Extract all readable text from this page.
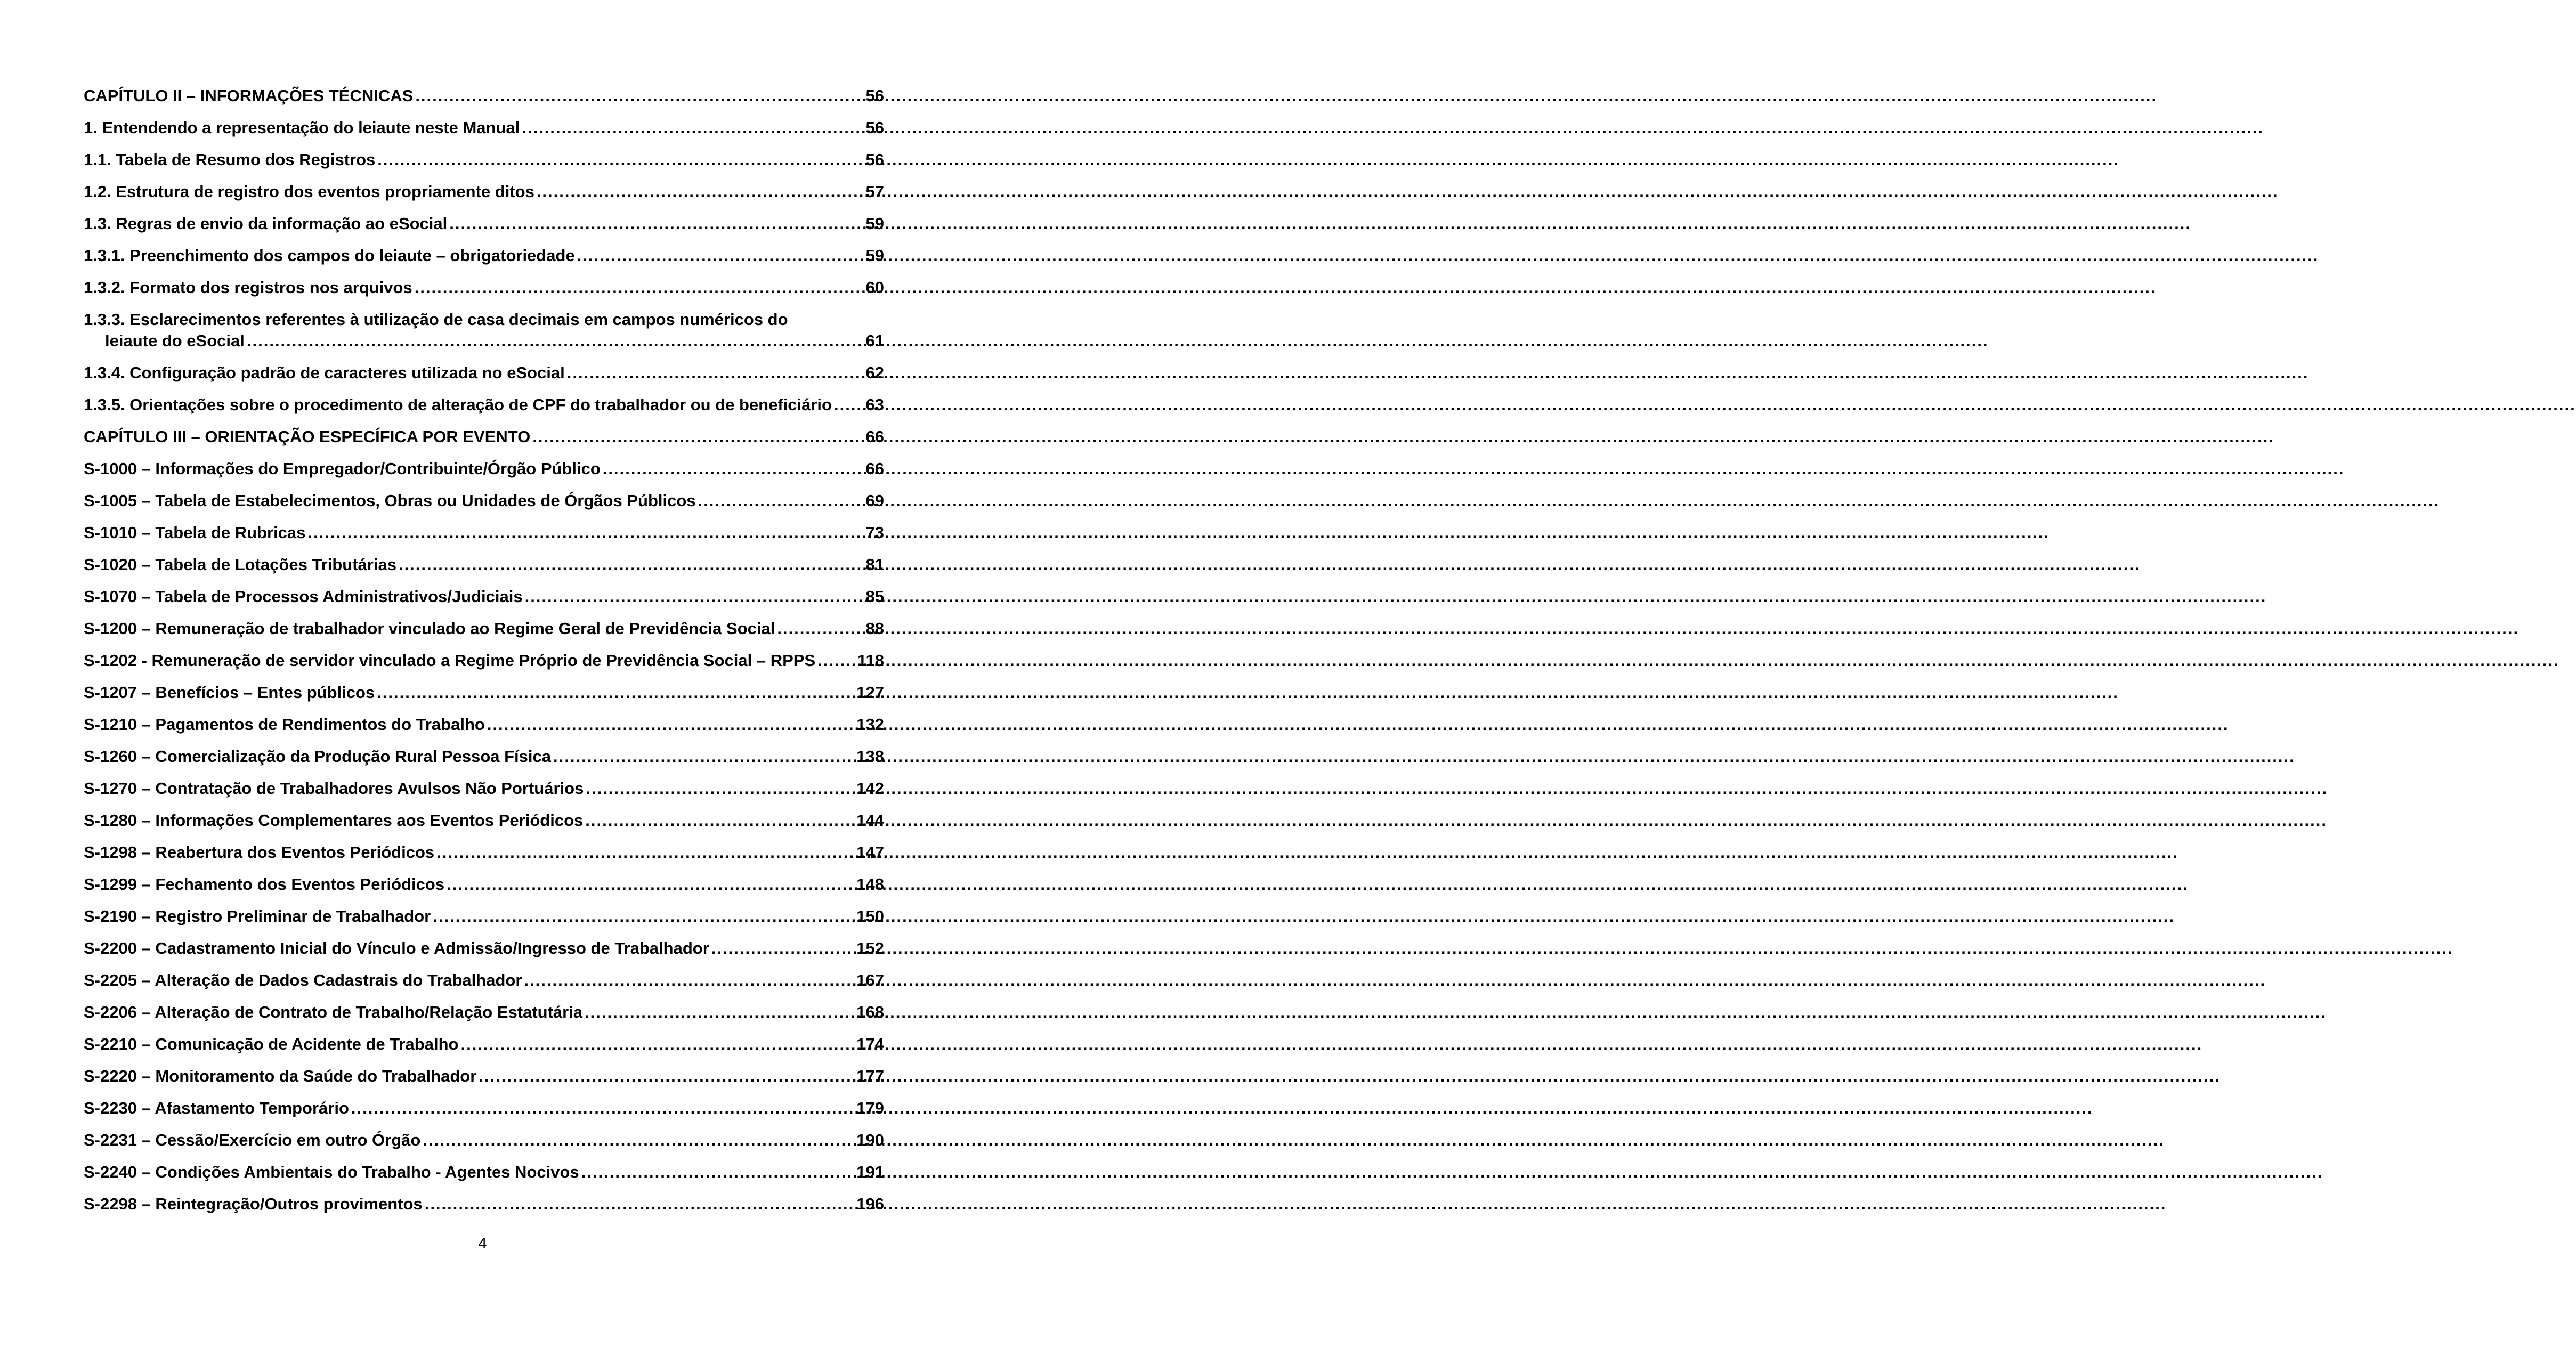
CAPÍTULO II – INFORMAÇÕES TÉCNICAS .....	56
1. Entendendo a representação do leiaute neste Manual .....	56
1.1. Tabela de Resumo dos Registros .....	56
1.2. Estrutura de registro dos eventos propriamente ditos .....	57
1.3. Regras de envio da informação ao eSocial .....	59
1.3.1. Preenchimento dos campos do leiaute – obrigatoriedade .....	59
1.3.2. Formato dos registros nos arquivos .....	60
1.3.3. Esclarecimentos referentes à utilização de casa decimais em campos numéricos do
leiaute do eSocial .....	61
1.3.4. Configuração padrão de caracteres utilizada no eSocial .....	62
1.3.5. Orientações sobre o procedimento de alteração de CPF do trabalhador ou de beneficiário ..... 63
CAPÍTULO III – ORIENTAÇÃO ESPECÍFICA POR EVENTO .....	66
S-1000 – Informações do Empregador/Contribuinte/Órgão Público .....	66
S-1005 – Tabela de Estabelecimentos, Obras ou Unidades de Órgãos Públicos .....	69
S-1010 – Tabela de Rubricas .....	73
S-1020 – Tabela de Lotações Tributárias .....	81
S-1070 – Tabela de Processos Administrativos/Judiciais .....	85
S-1200 – Remuneração de trabalhador vinculado ao Regime Geral de Previdência Social .....	88
S-1202 - Remuneração de servidor vinculado a Regime Próprio de Previdência Social – RPPS .....	118
S-1207 – Benefícios – Entes públicos .....	127
S-1210 – Pagamentos de Rendimentos do Trabalho .....	132
S-1260 – Comercialização da Produção Rural Pessoa Física .....	138
S-1270 – Contratação de Trabalhadores Avulsos Não Portuários .....	142
S-1280 – Informações Complementares aos Eventos Periódicos .....	144
S-1298 – Reabertura dos Eventos Periódicos .....	147
S-1299 – Fechamento dos Eventos Periódicos .....	148
S-2190 – Registro Preliminar de Trabalhador .....	150
S-2200 – Cadastramento Inicial do Vínculo e Admissão/Ingresso de Trabalhador .....	152
S-2205 – Alteração de Dados Cadastrais do Trabalhador .....	167
S-2206 – Alteração de Contrato de Trabalho/Relação Estatutária .....	168
S-2210 – Comunicação de Acidente de Trabalho .....	174
S-2220 – Monitoramento da Saúde do Trabalhador .....	177
S-2230 – Afastamento Temporário .....	179
S-2231 – Cessão/Exercício em outro Órgão .....	190
S-2240 – Condições Ambientais do Trabalho - Agentes Nocivos .....	191
S-2298 – Reintegração/Outros provimentos .....	196
4
